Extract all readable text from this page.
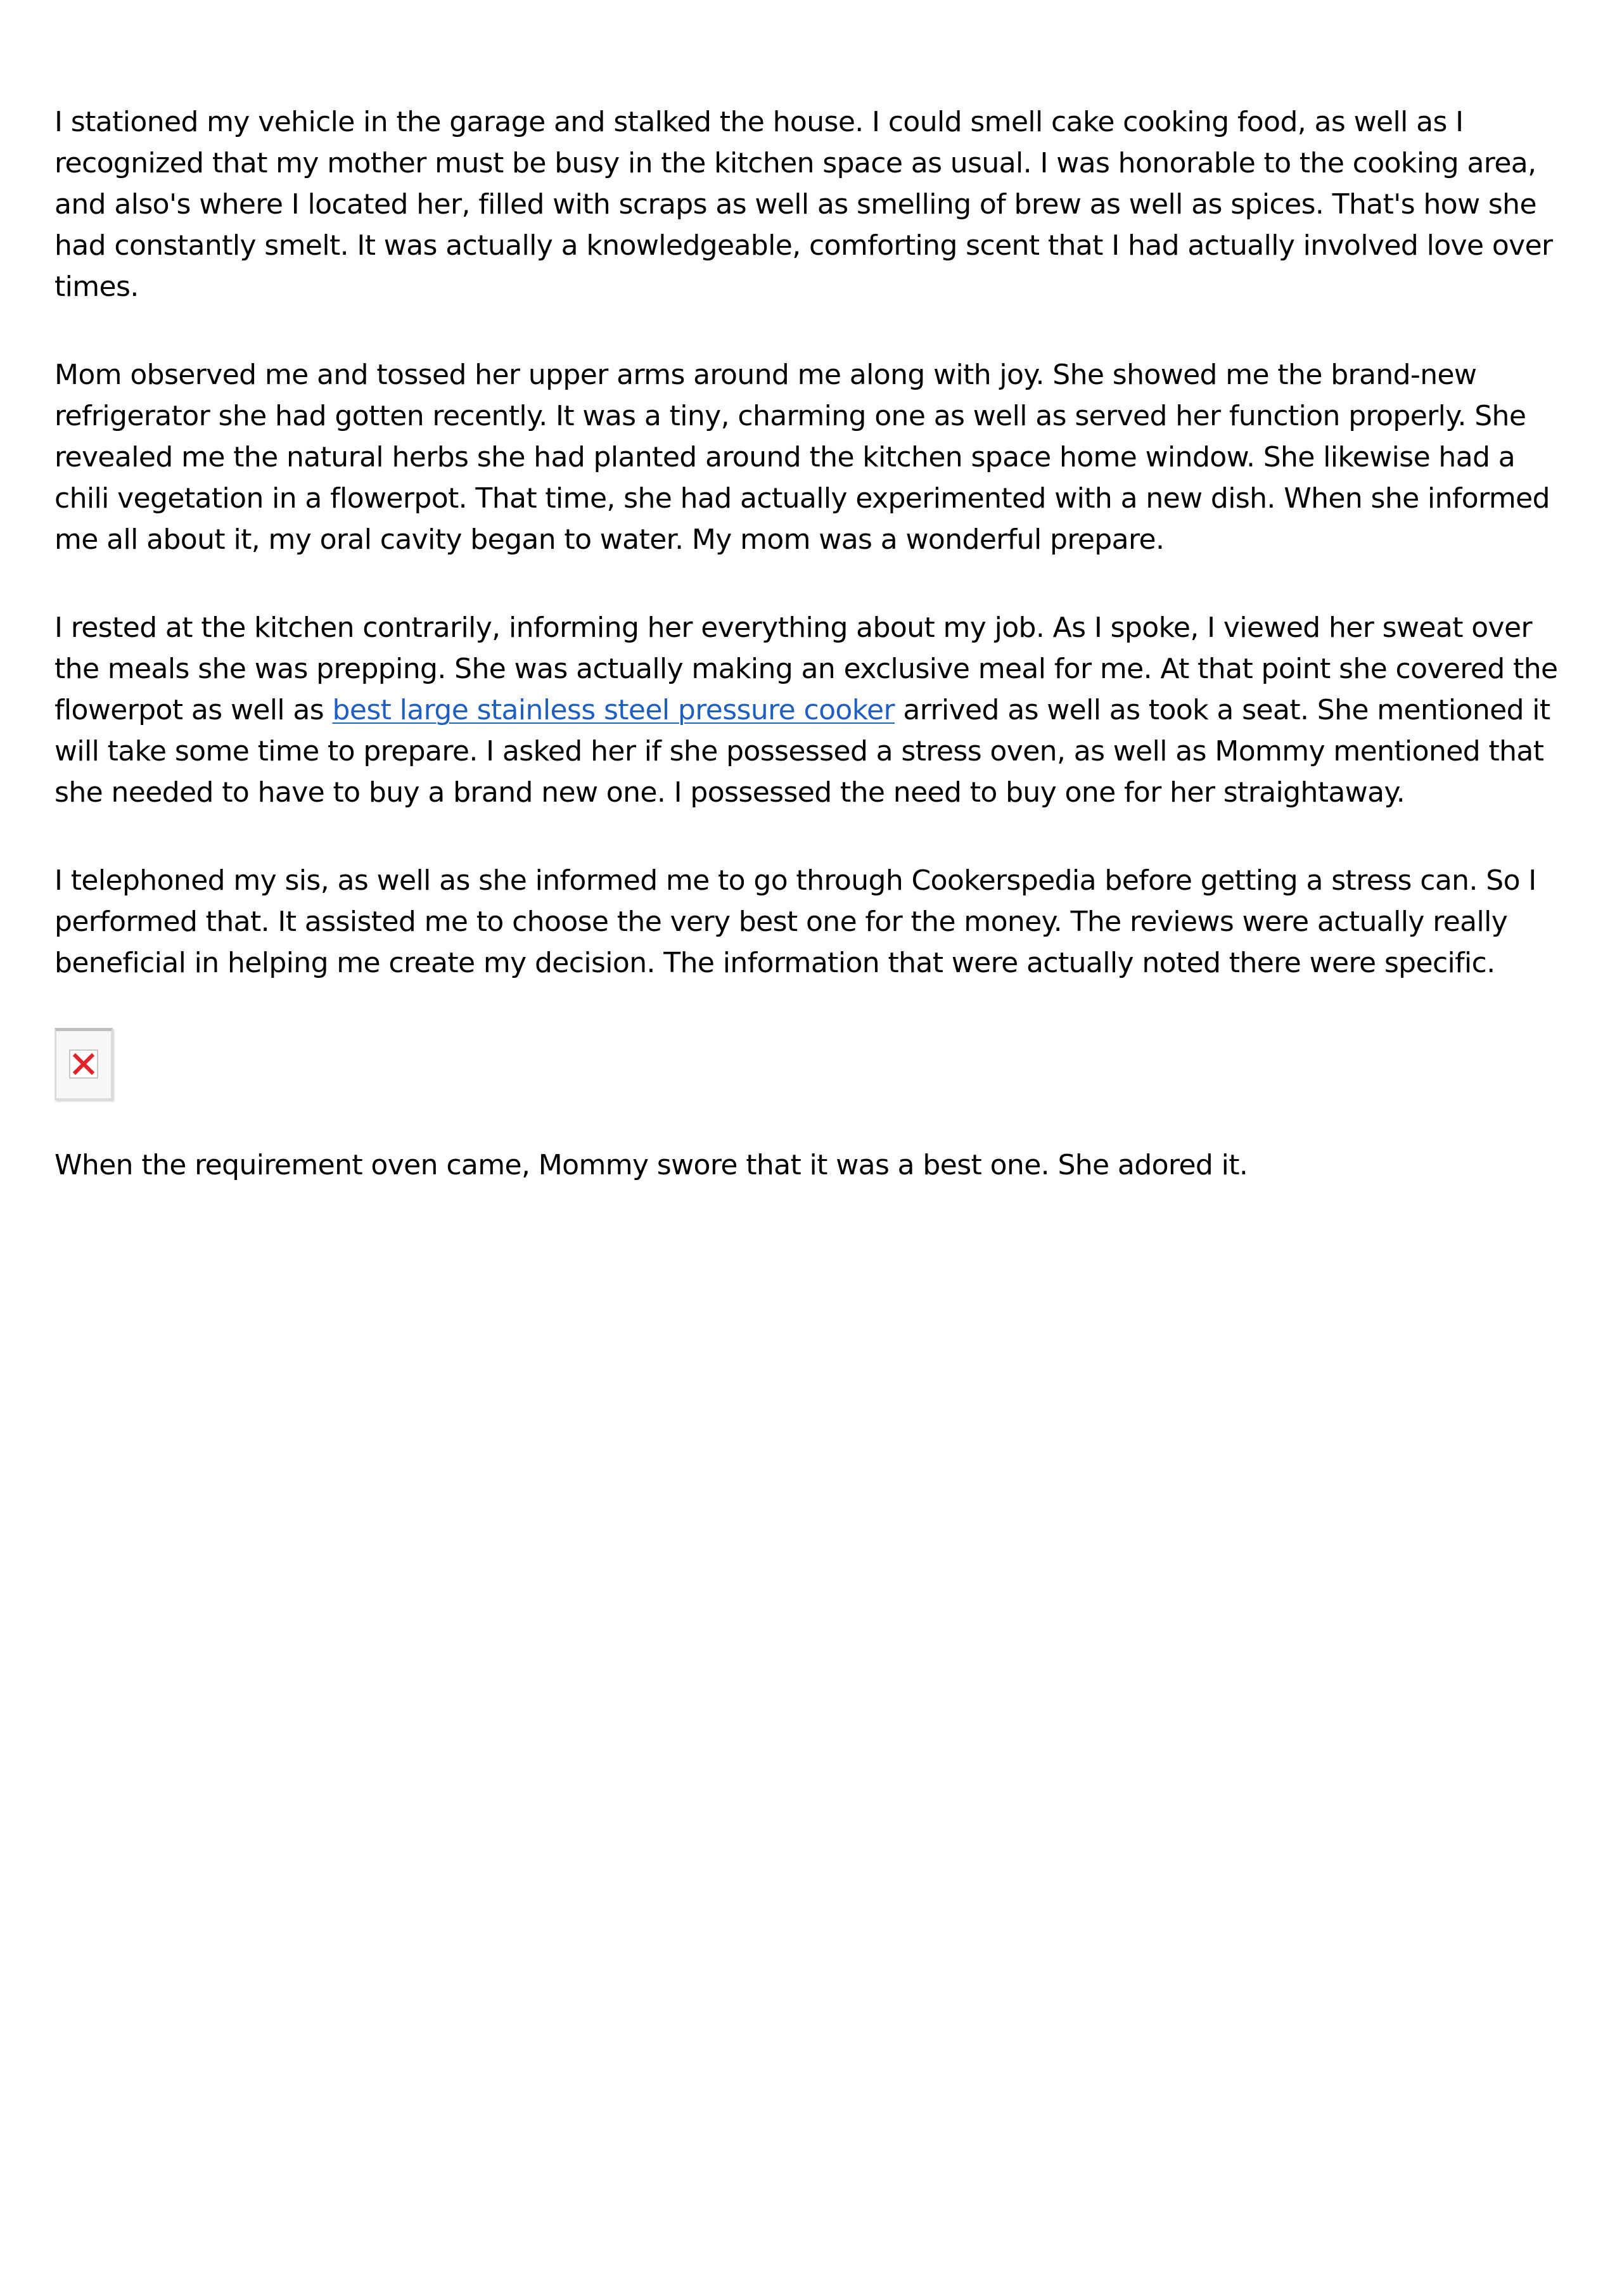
I stationed my vehicle in the garage and stalked the house. I could smell cake cooking food, as well as I recognized that my mother must be busy in the kitchen space as usual. I was honorable to the cooking area, and also's where I located her, filled with scraps as well as smelling of brew as well as spices. That's how she had constantly smelt. It was actually a knowledgeable, comforting scent that I had actually involved love over times.

Mom observed me and tossed her upper arms around me along with joy. She showed me the brand-new refrigerator she had gotten recently. It was a tiny, charming one as well as served her function properly. She revealed me the natural herbs she had planted around the kitchen space home window. She likewise had a chili vegetation in a flowerpot. That time, she had actually experimented with a new dish. When she informed me all about it, my oral cavity began to water. My mom was a wonderful prepare.

I rested at the kitchen contrarily, informing her everything about my job. As I spoke, I viewed her sweat over the meals she was prepping. She was actually making an exclusive meal for me. At that point she covered the flowerpot as well as best large stainless steel pressure cooker arrived as well as took a seat. She mentioned it will take some time to prepare. I asked her if she possessed a stress oven, as well as Mommy mentioned that she needed to have to buy a brand new one. I possessed the need to buy one for her straightaway.

I telephoned my sis, as well as she informed me to go through Cookerspedia before getting a stress can. So I performed that. It assisted me to choose the very best one for the money. The reviews were actually really beneficial in helping me create my decision. The information that were actually noted there were specific.

When the requirement oven came, Mommy swore that it was a best one. She adored it.
